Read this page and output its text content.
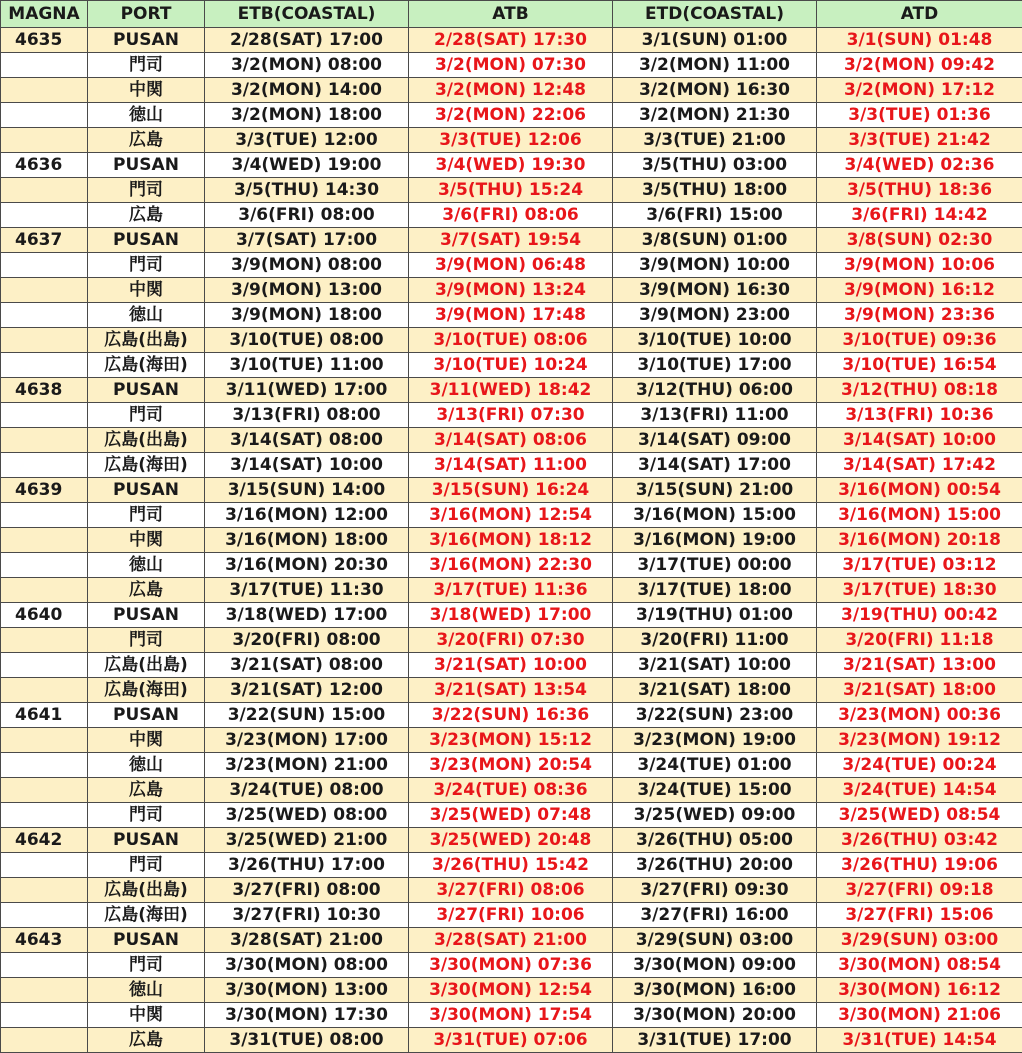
MAGNA	PORT	ETB(COASTAL)	ATB	ETD(COASTAL)	ATD
4635	PUSAN	2/28(SAT) 17:00	2/28(SAT) 17:30	3/1(SUN) 01:00	3/1(SUN) 01:48
	門司	3/2(MON) 08:00	3/2(MON) 07:30	3/2(MON) 11:00	3/2(MON) 09:42
	中関	3/2(MON) 14:00	3/2(MON) 12:48	3/2(MON) 16:30	3/2(MON) 17:12
	徳山	3/2(MON) 18:00	3/2(MON) 22:06	3/2(MON) 21:30	3/3(TUE) 01:36
	広島	3/3(TUE) 12:00	3/3(TUE) 12:06	3/3(TUE) 21:00	3/3(TUE) 21:42
4636	PUSAN	3/4(WED) 19:00	3/4(WED) 19:30	3/5(THU) 03:00	3/4(WED) 02:36
	門司	3/5(THU) 14:30	3/5(THU) 15:24	3/5(THU) 18:00	3/5(THU) 18:36
	広島	3/6(FRI) 08:00	3/6(FRI) 08:06	3/6(FRI) 15:00	3/6(FRI) 14:42
4637	PUSAN	3/7(SAT) 17:00	3/7(SAT) 19:54	3/8(SUN) 01:00	3/8(SUN) 02:30
	門司	3/9(MON) 08:00	3/9(MON) 06:48	3/9(MON) 10:00	3/9(MON) 10:06
	中関	3/9(MON) 13:00	3/9(MON) 13:24	3/9(MON) 16:30	3/9(MON) 16:12
	徳山	3/9(MON) 18:00	3/9(MON) 17:48	3/9(MON) 23:00	3/9(MON) 23:36
	広島(出島)	3/10(TUE) 08:00	3/10(TUE) 08:06	3/10(TUE) 10:00	3/10(TUE) 09:36
	広島(海田)	3/10(TUE) 11:00	3/10(TUE) 10:24	3/10(TUE) 17:00	3/10(TUE) 16:54
4638	PUSAN	3/11(WED) 17:00	3/11(WED) 18:42	3/12(THU) 06:00	3/12(THU) 08:18
	門司	3/13(FRI) 08:00	3/13(FRI) 07:30	3/13(FRI) 11:00	3/13(FRI) 10:36
	広島(出島)	3/14(SAT) 08:00	3/14(SAT) 08:06	3/14(SAT) 09:00	3/14(SAT) 10:00
	広島(海田)	3/14(SAT) 10:00	3/14(SAT) 11:00	3/14(SAT) 17:00	3/14(SAT) 17:42
4639	PUSAN	3/15(SUN) 14:00	3/15(SUN) 16:24	3/15(SUN) 21:00	3/16(MON) 00:54
	門司	3/16(MON) 12:00	3/16(MON) 12:54	3/16(MON) 15:00	3/16(MON) 15:00
	中関	3/16(MON) 18:00	3/16(MON) 18:12	3/16(MON) 19:00	3/16(MON) 20:18
	徳山	3/16(MON) 20:30	3/16(MON) 22:30	3/17(TUE) 00:00	3/17(TUE) 03:12
	広島	3/17(TUE) 11:30	3/17(TUE) 11:36	3/17(TUE) 18:00	3/17(TUE) 18:30
4640	PUSAN	3/18(WED) 17:00	3/18(WED) 17:00	3/19(THU) 01:00	3/19(THU) 00:42
	門司	3/20(FRI) 08:00	3/20(FRI) 07:30	3/20(FRI) 11:00	3/20(FRI) 11:18
	広島(出島)	3/21(SAT) 08:00	3/21(SAT) 10:00	3/21(SAT) 10:00	3/21(SAT) 13:00
	広島(海田)	3/21(SAT) 12:00	3/21(SAT) 13:54	3/21(SAT) 18:00	3/21(SAT) 18:00
4641	PUSAN	3/22(SUN) 15:00	3/22(SUN) 16:36	3/22(SUN) 23:00	3/23(MON) 00:36
	中関	3/23(MON) 17:00	3/23(MON) 15:12	3/23(MON) 19:00	3/23(MON) 19:12
	徳山	3/23(MON) 21:00	3/23(MON) 20:54	3/24(TUE) 01:00	3/24(TUE) 00:24
	広島	3/24(TUE) 08:00	3/24(TUE) 08:36	3/24(TUE) 15:00	3/24(TUE) 14:54
	門司	3/25(WED) 08:00	3/25(WED) 07:48	3/25(WED) 09:00	3/25(WED) 08:54
4642	PUSAN	3/25(WED) 21:00	3/25(WED) 20:48	3/26(THU) 05:00	3/26(THU) 03:42
	門司	3/26(THU) 17:00	3/26(THU) 15:42	3/26(THU) 20:00	3/26(THU) 19:06
	広島(出島)	3/27(FRI) 08:00	3/27(FRI) 08:06	3/27(FRI) 09:30	3/27(FRI) 09:18
	広島(海田)	3/27(FRI) 10:30	3/27(FRI) 10:06	3/27(FRI) 16:00	3/27(FRI) 15:06
4643	PUSAN	3/28(SAT) 21:00	3/28(SAT) 21:00	3/29(SUN) 03:00	3/29(SUN) 03:00
	門司	3/30(MON) 08:00	3/30(MON) 07:36	3/30(MON) 09:00	3/30(MON) 08:54
	徳山	3/30(MON) 13:00	3/30(MON) 12:54	3/30(MON) 16:00	3/30(MON) 16:12
	中関	3/30(MON) 17:30	3/30(MON) 17:54	3/30(MON) 20:00	3/30(MON) 21:06
	広島	3/31(TUE) 08:00	3/31(TUE) 07:06	3/31(TUE) 17:00	3/31(TUE) 14:54
